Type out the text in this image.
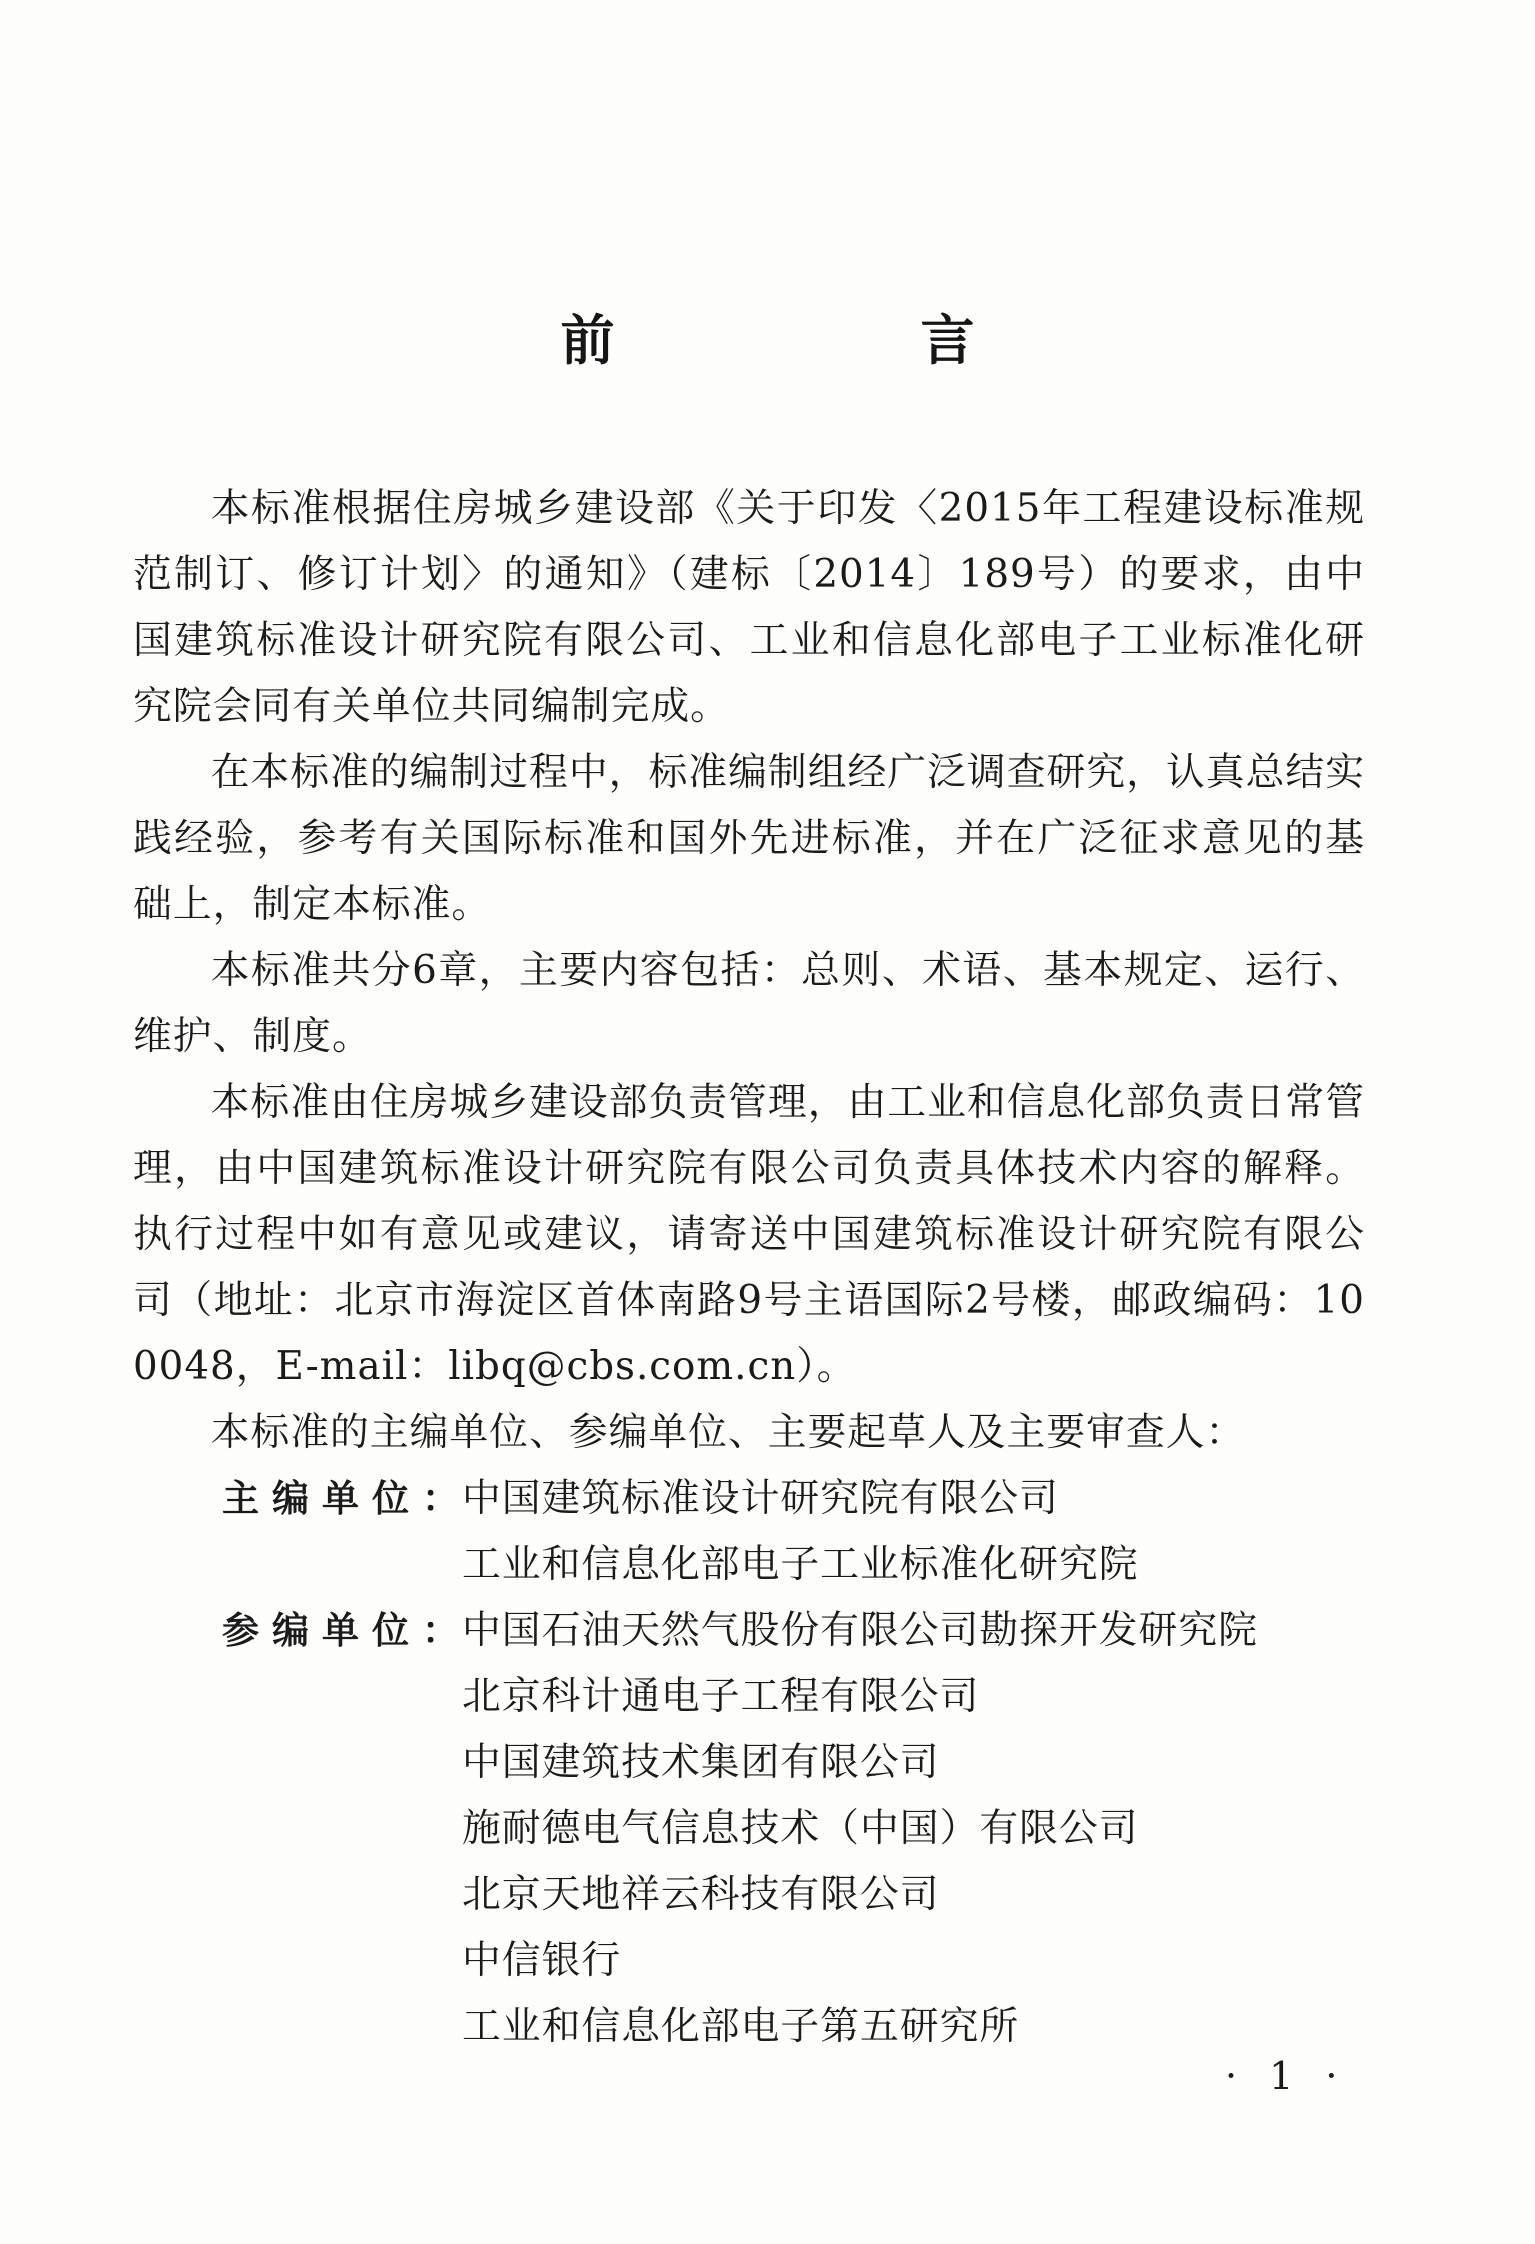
前　言

本标准根据住房城乡建设部《关于印发〈2015年工程建设标准规范制订、修订计划〉的通知》（建标〔2014〕189号）的要求，由中国建筑标准设计研究院有限公司、工业和信息化部电子工业标准化研究院会同有关单位共同编制完成。

在本标准的编制过程中，标准编制组经广泛调查研究，认真总结实践经验，参考有关国际标准和国外先进标准，并在广泛征求意见的基础上，制定本标准。

本标准共分6章，主要内容包括：总则、术语、基本规定、运行、维护、制度。

本标准由住房城乡建设部负责管理，由工业和信息化部负责日常管理，由中国建筑标准设计研究院有限公司负责具体技术内容的解释。执行过程中如有意见或建议，请寄送中国建筑标准设计研究院有限公司（地址：北京市海淀区首体南路9号主语国际2号楼，邮政编码：100048，E-mail：libq@cbs.com.cn）。

本标准的主编单位、参编单位、主要起草人及主要审查人：

主编单位：
中国建筑标准设计研究院有限公司
工业和信息化部电子工业标准化研究院
参编单位：
中国石油天然气股份有限公司勘探开发研究院
北京科计通电子工程有限公司
中国建筑技术集团有限公司
施耐德电气信息技术（中国）有限公司
北京天地祥云科技有限公司
中信银行
工业和信息化部电子第五研究所
· 1 ·
